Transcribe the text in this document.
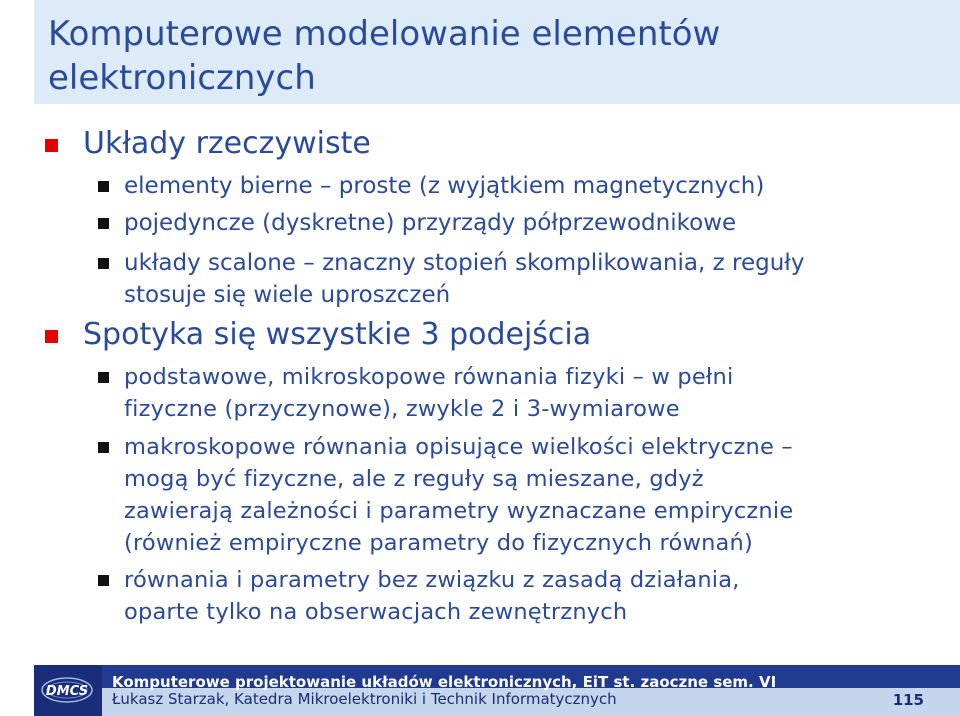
Komputerowe modelowanie elementów
elektronicznych
Układy rzeczywiste
elementy bierne – proste (z wyjątkiem magnetycznych)
pojedyncze (dyskretne) przyrządy półprzewodnikowe
układy scalone – znaczny stopień skomplikowania, z reguły
stosuje się wiele uproszczeń
Spotyka się wszystkie 3 podejścia
podstawowe, mikroskopowe równania fizyki – w pełni
fizyczne (przyczynowe), zwykle 2 i 3-wymiarowe
makroskopowe równania opisujące wielkości elektryczne –
mogą być fizyczne, ale z reguły są mieszane, gdyż
zawierają zależności i parametry wyznaczane empirycznie
(również empiryczne parametry do fizycznych równań)
równania i parametry bez związku z zasadą działania,
oparte tylko na obserwacjach zewnętrznych
DMCS
Komputerowe projektowanie układów elektronicznych, EiT st. zaoczne sem. VI
Łukasz Starzak, Katedra Mikroelektroniki i Technik Informatycznych	115
